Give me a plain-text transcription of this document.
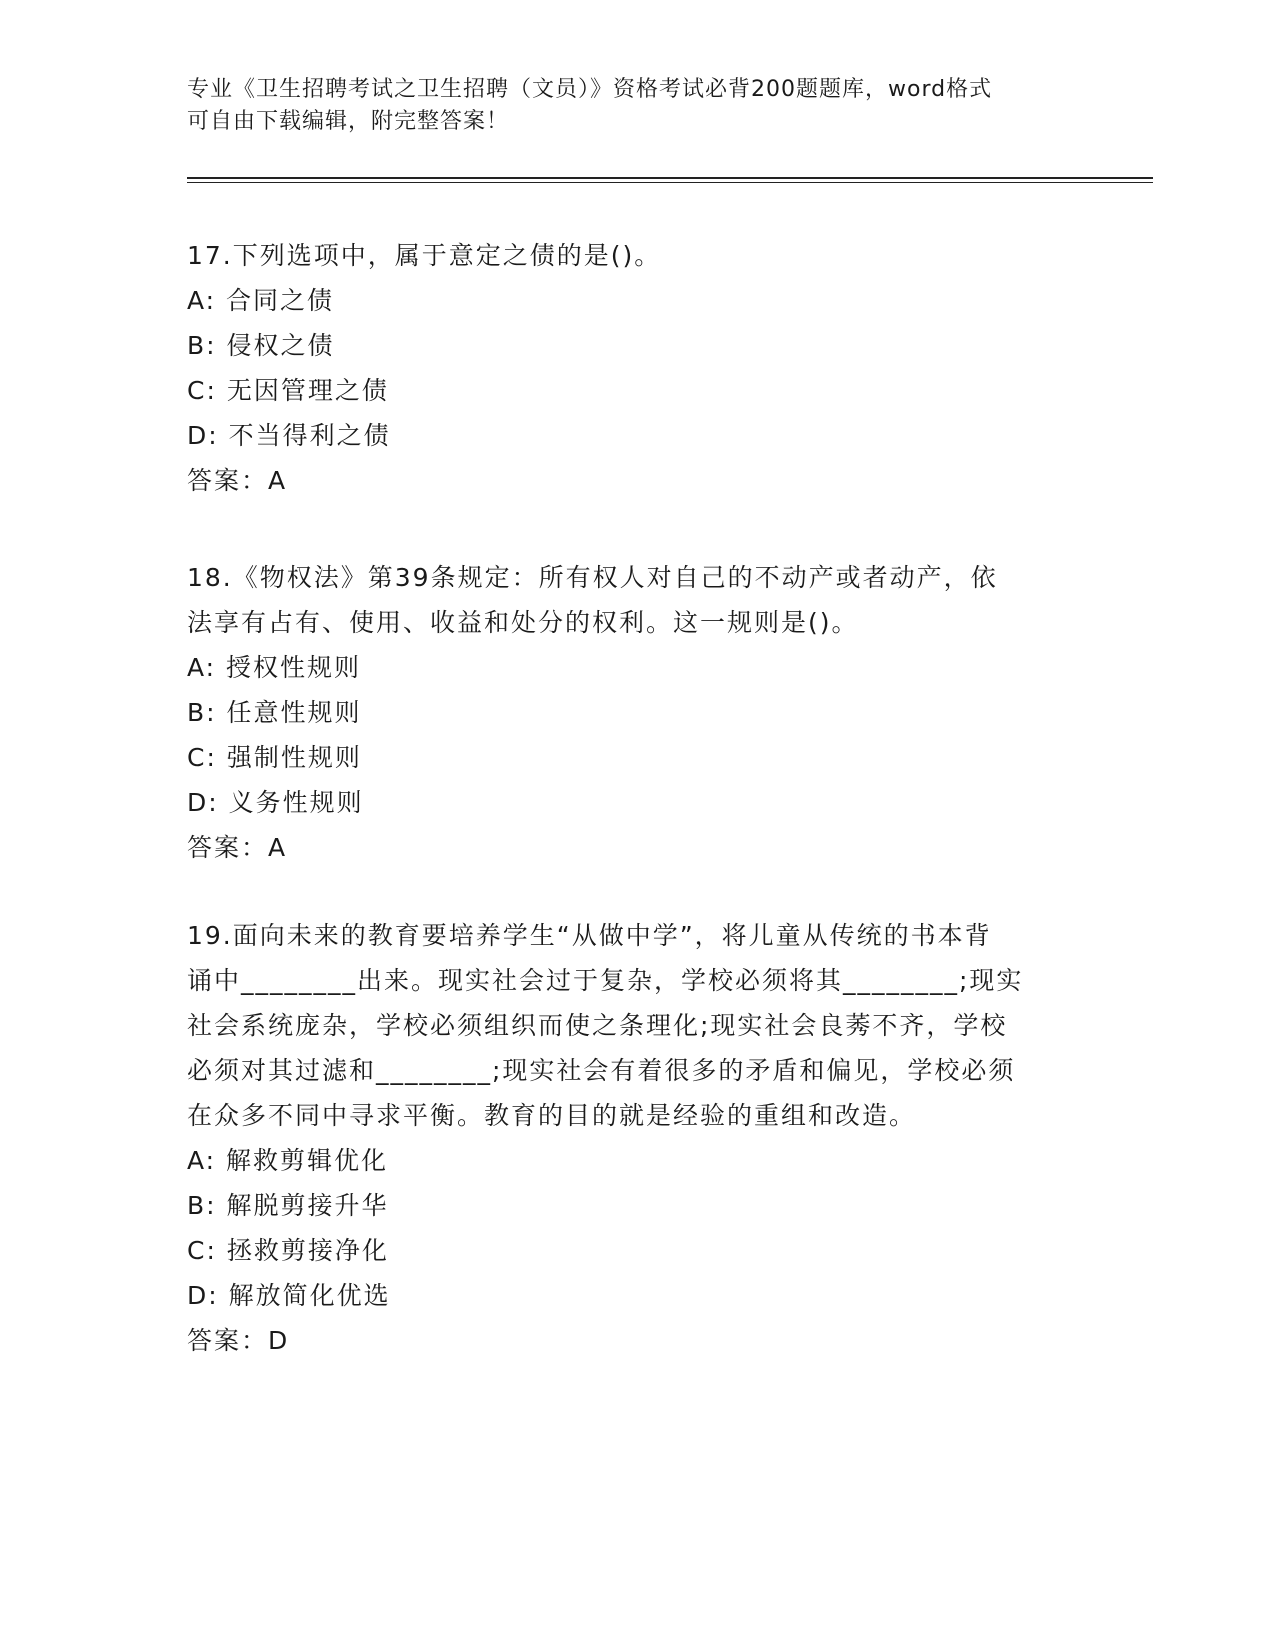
专业《卫生招聘考试之卫生招聘（文员）》资格考试必背200题题库，word格式
可自由下载编辑，附完整答案！
17.下列选项中，属于意定之债的是()。
A: 合同之债
B: 侵权之债
C: 无因管理之债
D: 不当得利之债
答案：A
18.《物权法》第39条规定：所有权人对自己的不动产或者动产，依
法享有占有、使用、收益和处分的权利。这一规则是()。
A: 授权性规则
B: 任意性规则
C: 强制性规则
D: 义务性规则
答案：A
19.面向未来的教育要培养学生“从做中学”，将儿童从传统的书本背
诵中________出来。现实社会过于复杂，学校必须将其________;现实
社会系统庞杂，学校必须组织而使之条理化;现实社会良莠不齐，学校
必须对其过滤和________;现实社会有着很多的矛盾和偏见，学校必须
在众多不同中寻求平衡。教育的目的就是经验的重组和改造。
A: 解救剪辑优化
B: 解脱剪接升华
C: 拯救剪接净化
D: 解放简化优选
答案：D
